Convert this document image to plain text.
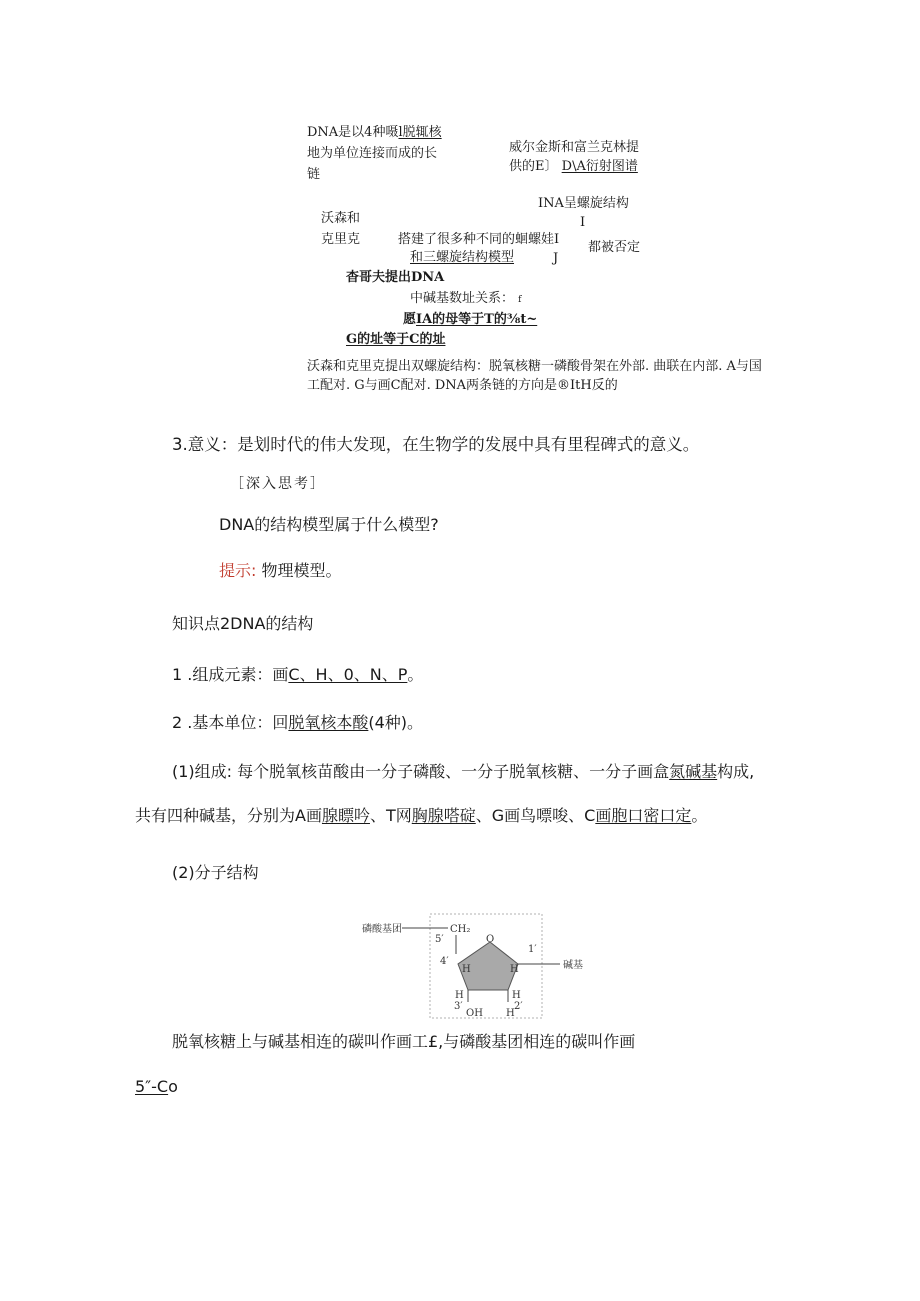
DNA是以4种嗫l脱辄核
地为单位连接而成的长
链
威尔金斯和富兰克林提
供的E〕 D\A衍射图谱
INA呈螺旋结构
I
沃森和
克里克	搭建了很多种不同的蛔螺娃I
和三螺旋结构模型	J
都被否定
杳哥夫提出DNA
中碱基数址关系： f
愿IA的母等于T的⅜t~
G的址等于C的址
沃森和克里克提出双螺旋结构：脱氧核糖一磷酸骨架在外部. 曲联在内部. A与国
工配对. G与画C配对. DNA两条链的方向是®ItH反的
3.意义：是划时代的伟大发现，在生物学的发展中具有里程碑式的意义。
［深入思考］
DNA的结构模型属于什么模型?
提示: 物理模型。
知识点2DNA的结构
1 .组成元素：画C、H、0、N、P。
2 .基本单位：回脱氧核本酸(4种)。
(1)组成: 每个脱氧核苗酸由一分子磷酸、一分子脱氧核糖、一分子画盒氮碱基构成,
共有四种碱基，分别为A画腺瞟吟、T网胸腺嗒碇、G画鸟嘌唆、C画胞口密口定。
(2)分子结构
磷酸基团	CH₂
5′	O
4′
H
1′
H	碱基
H	H
3′	2′
OH H
脱氧核糖上与碱基相连的碳叫作画工£,与磷酸基团相连的碳叫作画
5″-Co
